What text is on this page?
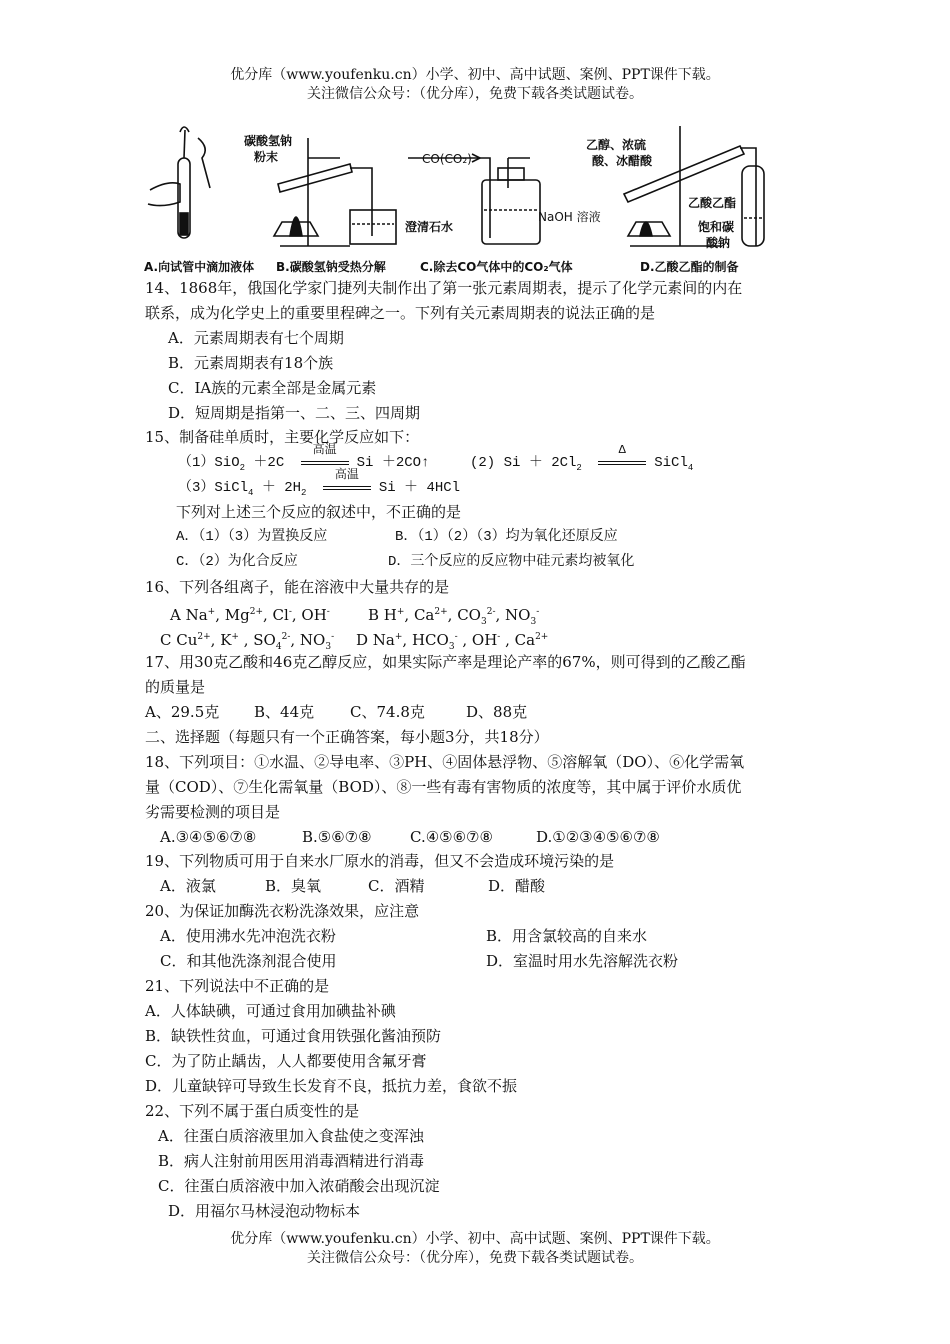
优分库（www.youfenku.cn）小学、初中、高中试题、案例、PPT课件下载。
关注微信公众号：（优分库），免费下载各类试题试卷。
碳酸氢钠
粉末
澄清石水
CO(CO₂)
NaOH 溶液
乙醇、浓硫
酸、冰醋酸
乙酸乙酯
饱和碳
酸钠
A.向试管中滴加液体 B.碳酸氢钠受热分解	C.除去CO气体中的CO₂气体	D.乙酸乙酯的制备
14、1868年，俄国化学家门捷列夫制作出了第一张元素周期表，提示了化学元素间的内在
联系，成为化学史上的重要里程碑之一。下列有关元素周期表的说法正确的是
A．元素周期表有七个周期
B．元素周期表有18个族
C．IA族的元素全部是金属元素
D．短周期是指第一、二、三、四周期
15、制备硅单质时，主要化学反应如下：
（1）SiO$_2$ ＋2C
高温
Si ＋2CO↑	(2) $Si + 2Cl_2$
Δ
SiCl$_4$
（3）SiCl$_4$ ＋ $2H_2$
高温
Si ＋ 4HCl
下列对上述三个反应的叙述中，不正确的是
A．（1）（3）为置换反应	B．（1）（2）（3）均为氧化还原反应
C．（2）为化合反应	D．三个反应的反应物中硅元素均被氧化
16、下列各组离子，能在溶液中大量共存的是
A Na+, $Mg^{2+}$, Cl-, OH-	B H+, $Ca^{2+}$, $CO_3^{2-}$, $NO_3^-$
C $Cu^{2+}$, K+ , $SO_4^{2-}$, $NO_3^-$ D Na+, $HCO_3^-$ , OH- , $Ca^{2+}$
17、用30克乙酸和46克乙醇反应，如果实际产率是理论产率的67%，则可得到的乙酸乙酯
的质量是
A、29.5克 B、44克 C、74.8克	D、88克
二、选择题（每题只有一个正确答案，每小题3分，共18分）
18、下列项目：①水温、②导电率、③PH、④固体悬浮物、⑤溶解氧（DO）、⑥化学需氧
量（COD）、⑦生化需氧量（BOD）、⑧一些有毒有害物质的浓度等，其中属于评价水质优
劣需要检测的项目是
A.③④⑤⑥⑦⑧	B.⑤⑥⑦⑧	C.④⑤⑥⑦⑧	D.①②③④⑤⑥⑦⑧
19、下列物质可用于自来水厂原水的消毒，但又不会造成环境污染的是
A．液氯	B．臭氧	C．酒精	D．醋酸
20、为保证加酶洗衣粉洗涤效果，应注意
A．使用沸水先冲泡洗衣粉	B．用含氯较高的自来水
C．和其他洗涤剂混合使用	D．室温时用水先溶解洗衣粉
21、下列说法中不正确的是
A．人体缺碘，可通过食用加碘盐补碘
B．缺铁性贫血，可通过食用铁强化酱油预防
C．为了防止龋齿，人人都要使用含氟牙膏
D．儿童缺锌可导致生长发育不良，抵抗力差，食欲不振
22、下列不属于蛋白质变性的是
A．往蛋白质溶液里加入食盐使之变浑浊
B．病人注射前用医用消毒酒精进行消毒
C．往蛋白质溶液中加入浓硝酸会出现沉淀
D．用福尔马林浸泡动物标本
优分库（www.youfenku.cn）小学、初中、高中试题、案例、PPT课件下载。
关注微信公众号：（优分库），免费下载各类试题试卷。
